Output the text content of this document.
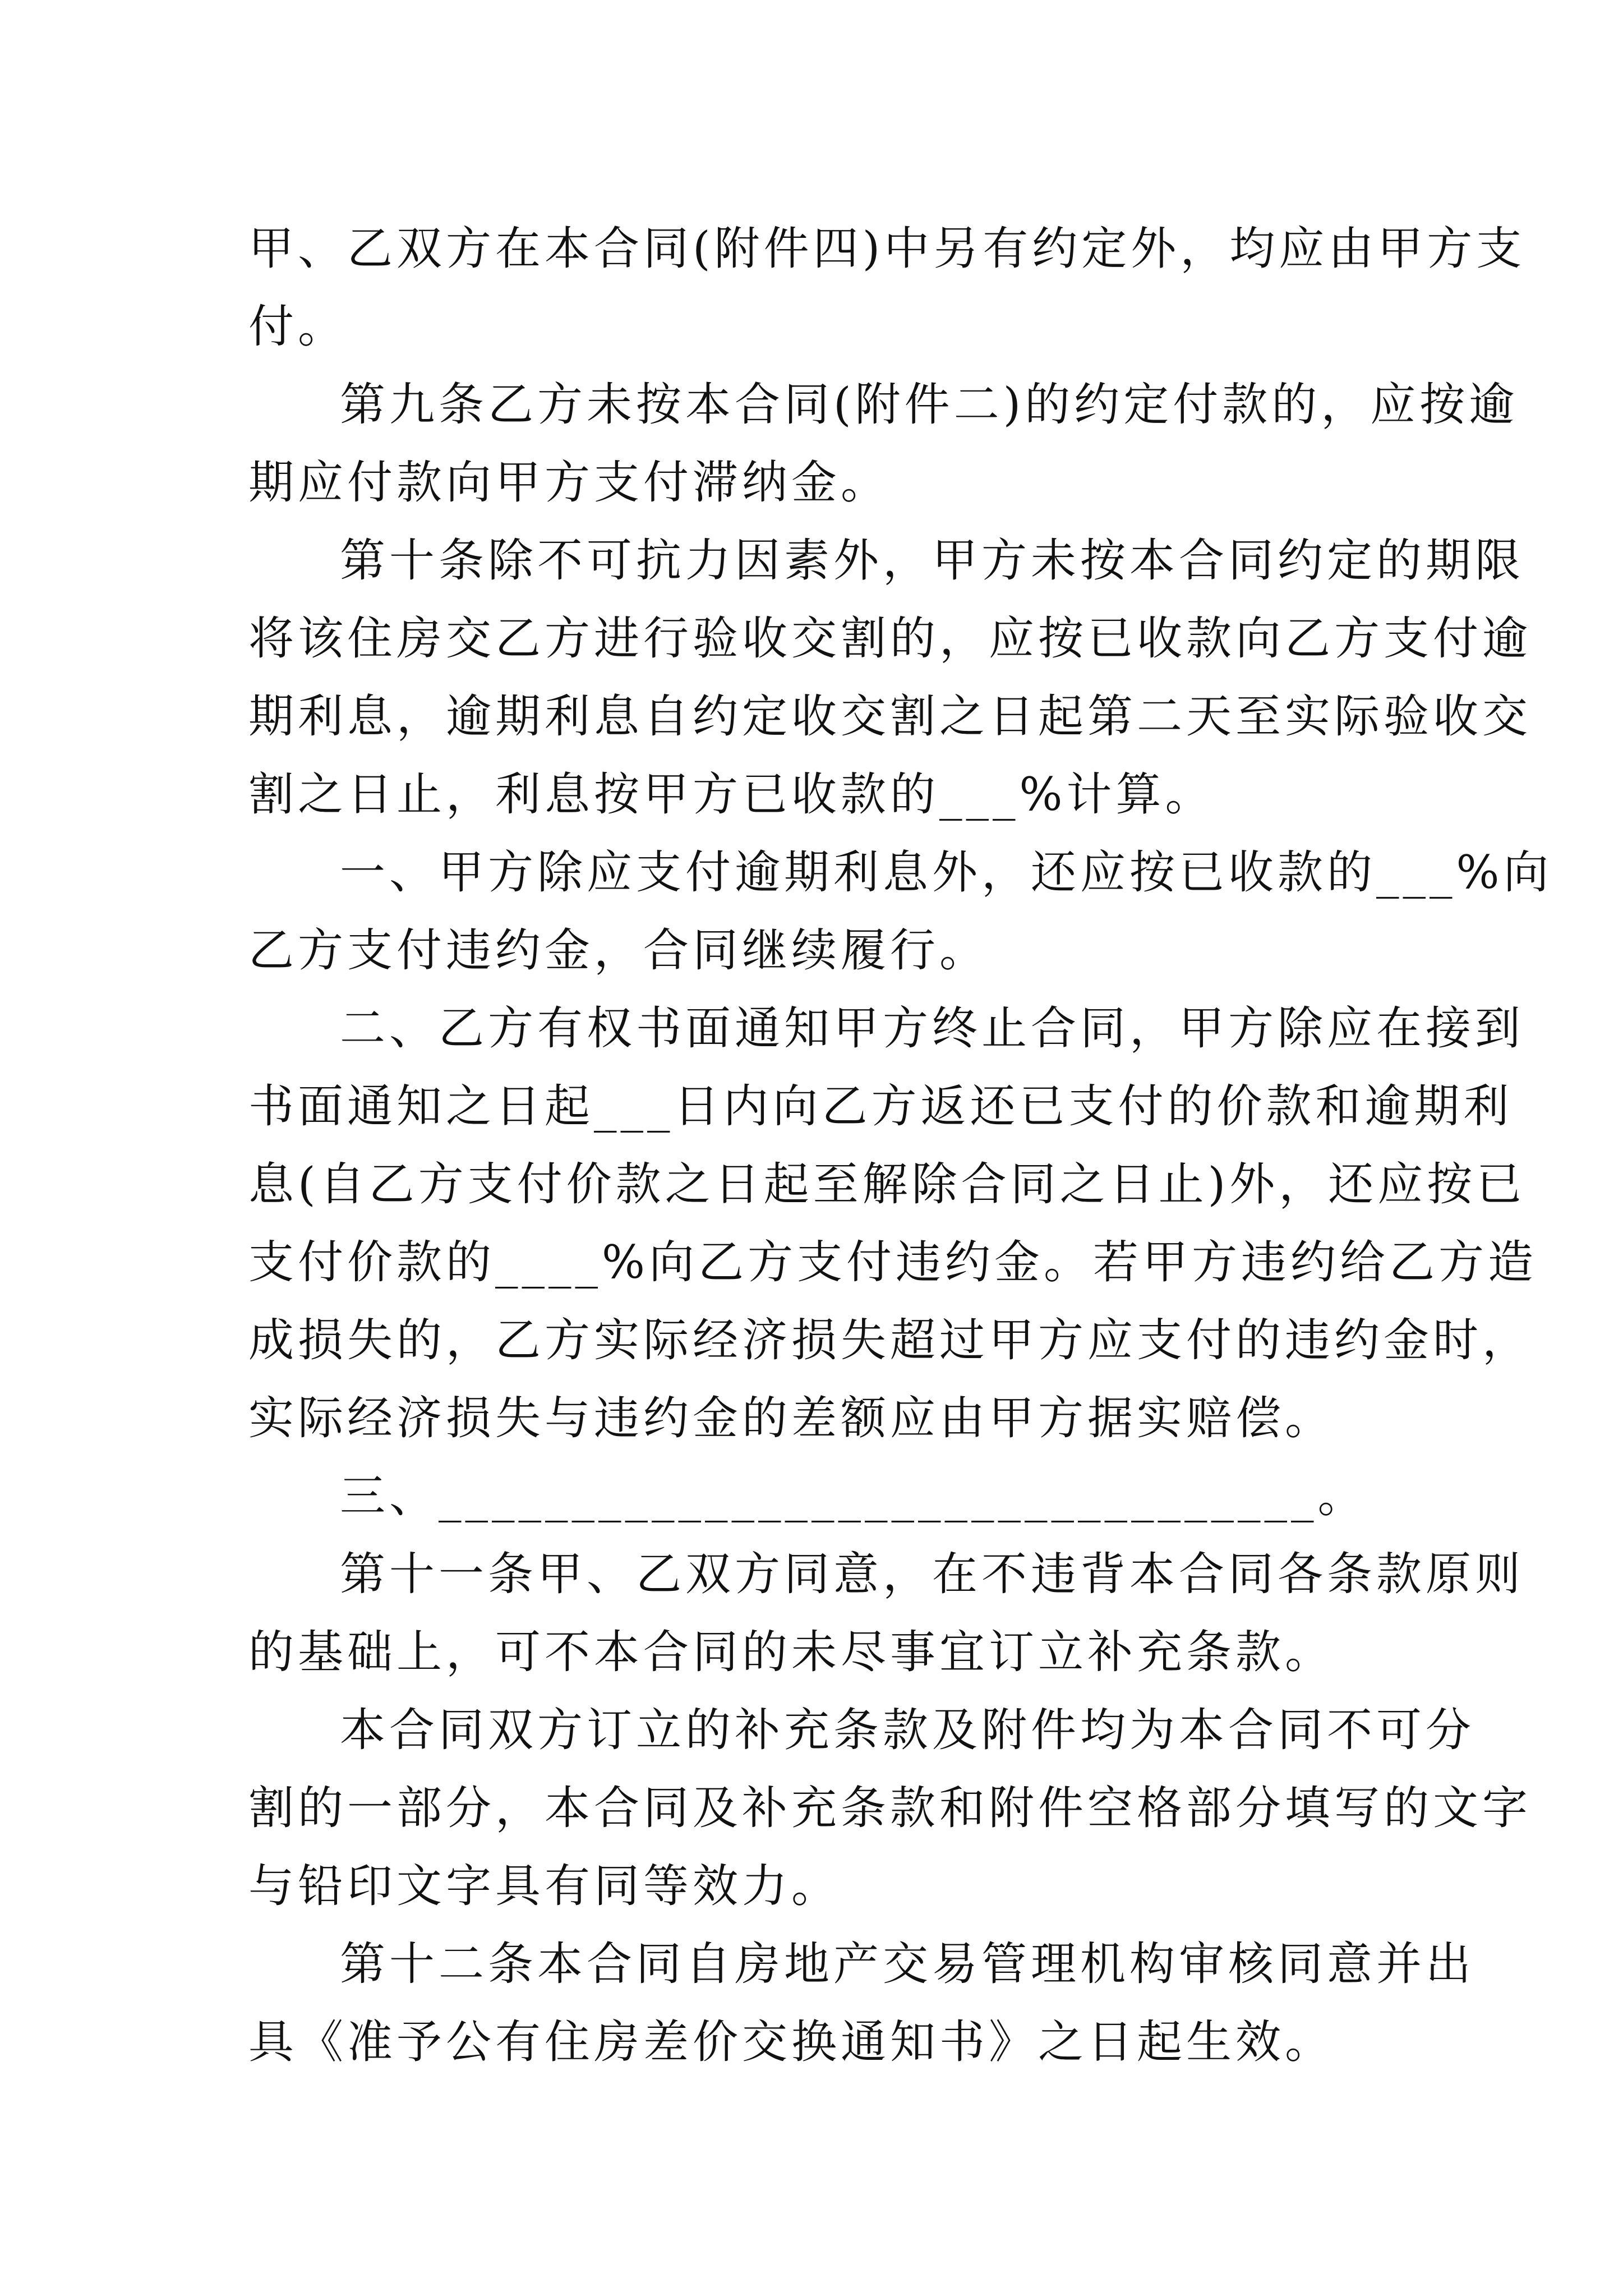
甲、乙双方在本合同(附件四)中另有约定外，均应由甲方支
付。
第九条乙方未按本合同(附件二)的约定付款的，应按逾
期应付款向甲方支付滞纳金。
第十条除不可抗力因素外，甲方未按本合同约定的期限
将该住房交乙方进行验收交割的，应按已收款向乙方支付逾
期利息，逾期利息自约定收交割之日起第二天至实际验收交
割之日止，利息按甲方已收款的___%计算。
一、甲方除应支付逾期利息外，还应按已收款的___%向
乙方支付违约金，合同继续履行。
二、乙方有权书面通知甲方终止合同，甲方除应在接到
书面通知之日起___日内向乙方返还已支付的价款和逾期利
息(自乙方支付价款之日起至解除合同之日止)外，还应按已
支付价款的____%向乙方支付违约金。若甲方违约给乙方造
成损失的，乙方实际经济损失超过甲方应支付的违约金时，
实际经济损失与违约金的差额应由甲方据实赔偿。
三、_________________________________。
第十一条甲、乙双方同意，在不违背本合同各条款原则
的基础上，可不本合同的未尽事宜订立补充条款。
本合同双方订立的补充条款及附件均为本合同不可分
割的一部分，本合同及补充条款和附件空格部分填写的文字
与铅印文字具有同等效力。
第十二条本合同自房地产交易管理机构审核同意并出
具《准予公有住房差价交换通知书》之日起生效。
